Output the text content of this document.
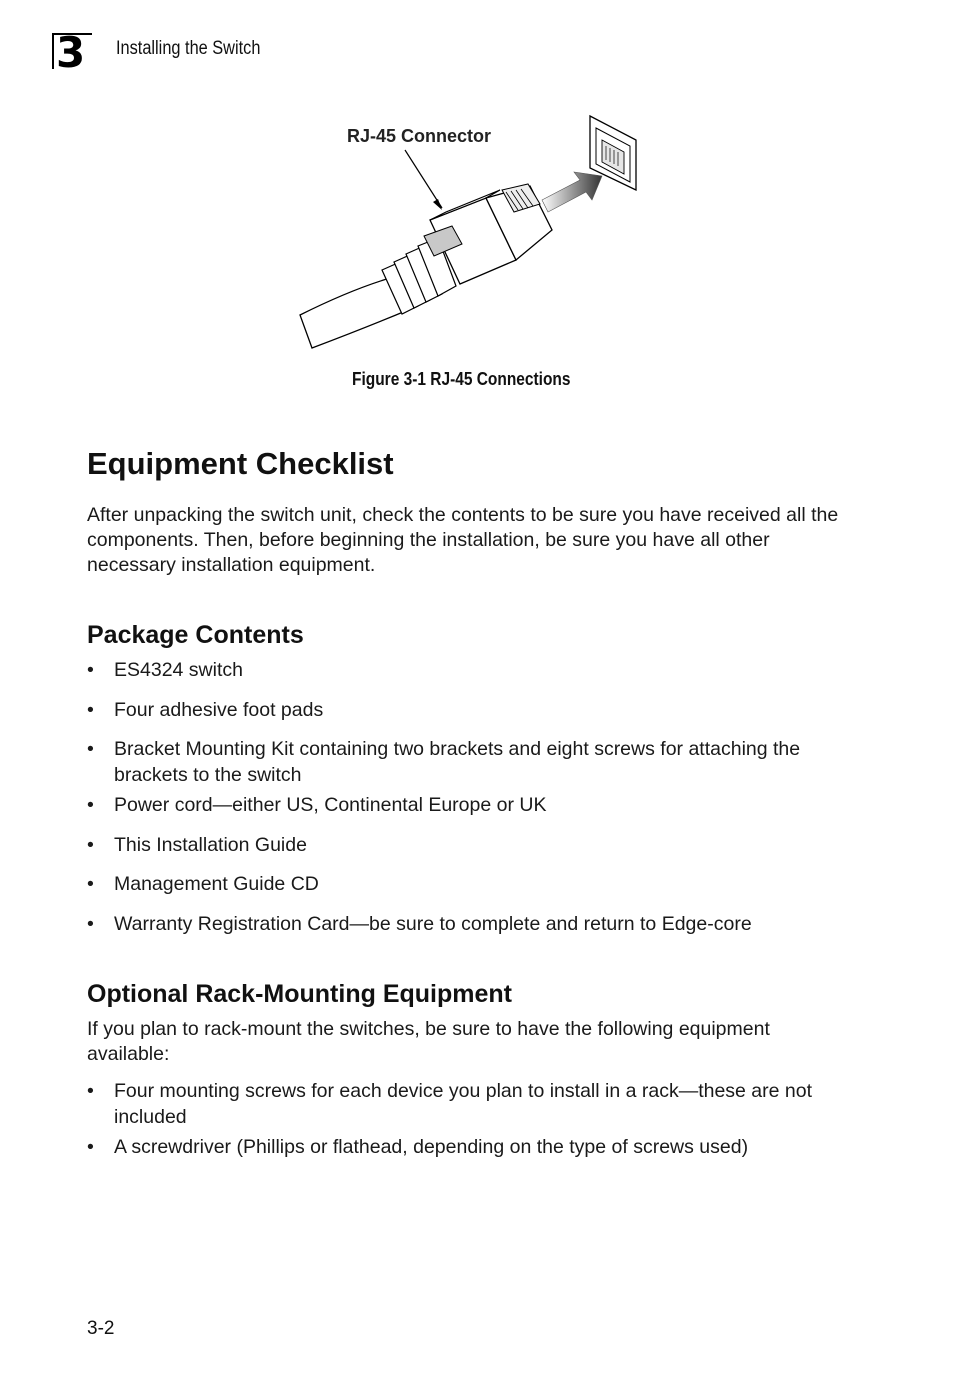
3	Installing the Switch
RJ-45 Connector
Figure 3-1 RJ-45 Connections
Equipment Checklist

After unpacking the switch unit, check the contents to be sure you have received all the components. Then, before beginning the installation, be sure you have all other necessary installation equipment.

Package Contents
• ES4324 switch
• Four adhesive foot pads
• Bracket Mounting Kit containing two brackets and eight screws for attaching the brackets to the switch
• Power cord—either US, Continental Europe or UK
• This Installation Guide
• Management Guide CD
• Warranty Registration Card—be sure to complete and return to Edge-core
Optional Rack-Mounting Equipment

If you plan to rack-mount the switches, be sure to have the following equipment available:

• Four mounting screws for each device you plan to install in a rack—these are not included
• A screwdriver (Phillips or flathead, depending on the type of screws used)
3-2
